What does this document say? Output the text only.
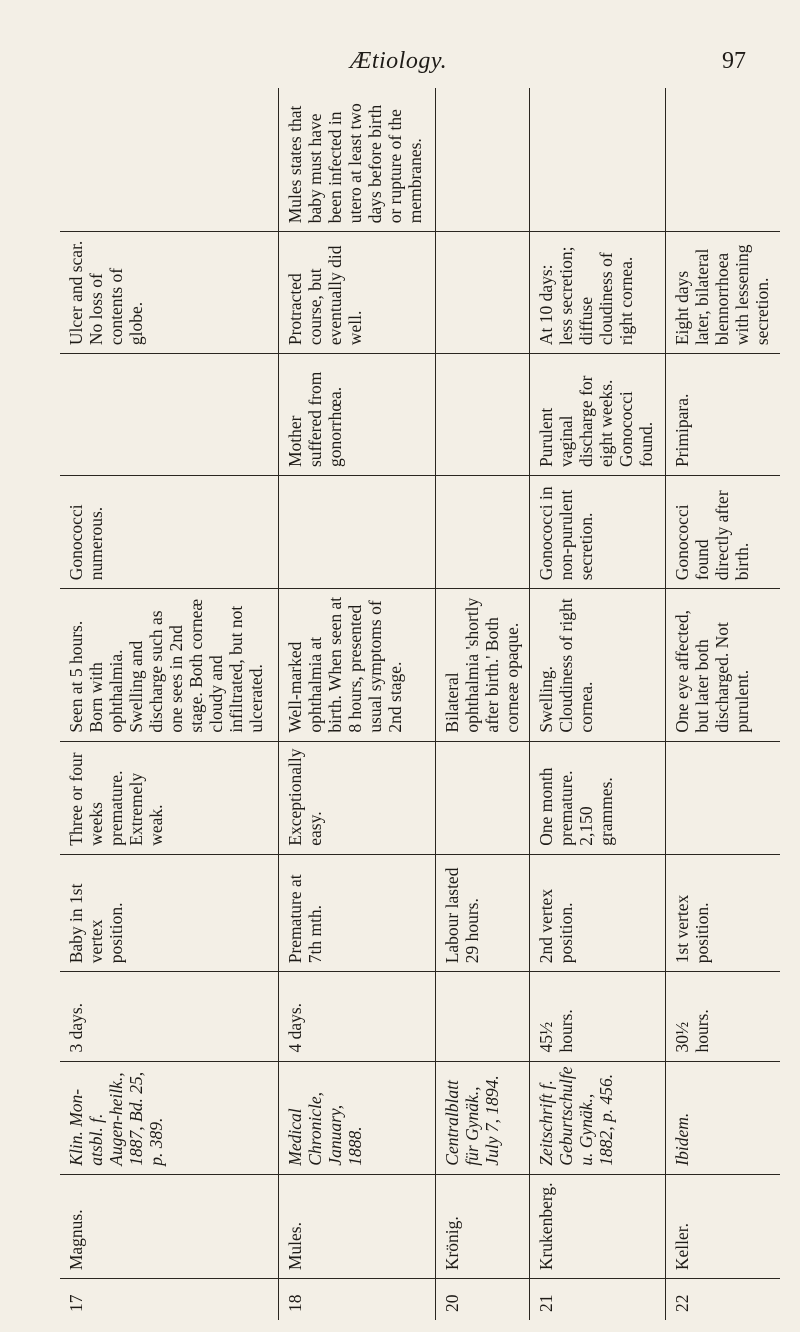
Ætiology.	97
17	Magnus.	Klin. Mon-atsbl. f. Augen-heilk., 1887, Bd. 25, p. 389.	3 days.	Baby in 1st vertex position.	Three or four weeks premature. Extremely weak.	Seen at 5 hours. Born with ophthalmia. Swelling and discharge such as one sees in 2nd stage. Both corneæ cloudy and infiltrated, but not ulcerated.	Gonococci numerous.		Ulcer and scar. No loss of contents of globe.	
18	Mules.	Medical Chronicle, January, 1888.	4 days.	Premature at 7th mth.	Exceptionally easy.	Well-marked ophthalmia at birth. When seen at 8 hours, presented usual symptoms of 2nd stage.		Mother suffered from gonorrhœa.	Protracted course, but eventually did well.	Mules states that baby must have been infected in utero at least two days before birth or rupture of the membranes.
20	Krönig.	Centralblatt für Gynäk., July 7, 1894.		Labour lasted 29 hours.		Bilateral ophthalmia 'shortly after birth.' Both corneæ opaque.				
21	Krukenberg.	Zeitschrift f. Geburtschulfe u. Gynäk., 1882, p. 456.	45½ hours.	2nd vertex position.	One month premature. 2,150 grammes.	Swelling. Cloudiness of right cornea.	Gonococci in non-purulent secretion.	Purulent vaginal discharge for eight weeks. Gonococci found.	At 10 days: less secretion; diffuse cloudiness of right cornea.	
22	Keller.	Ibidem.	30½ hours.	1st vertex position.		One eye affected, but later both discharged. Not purulent.	Gonococci found directly after birth.	Primipara.	Eight days later, bilateral blennorrhoea with lessening secretion.	
